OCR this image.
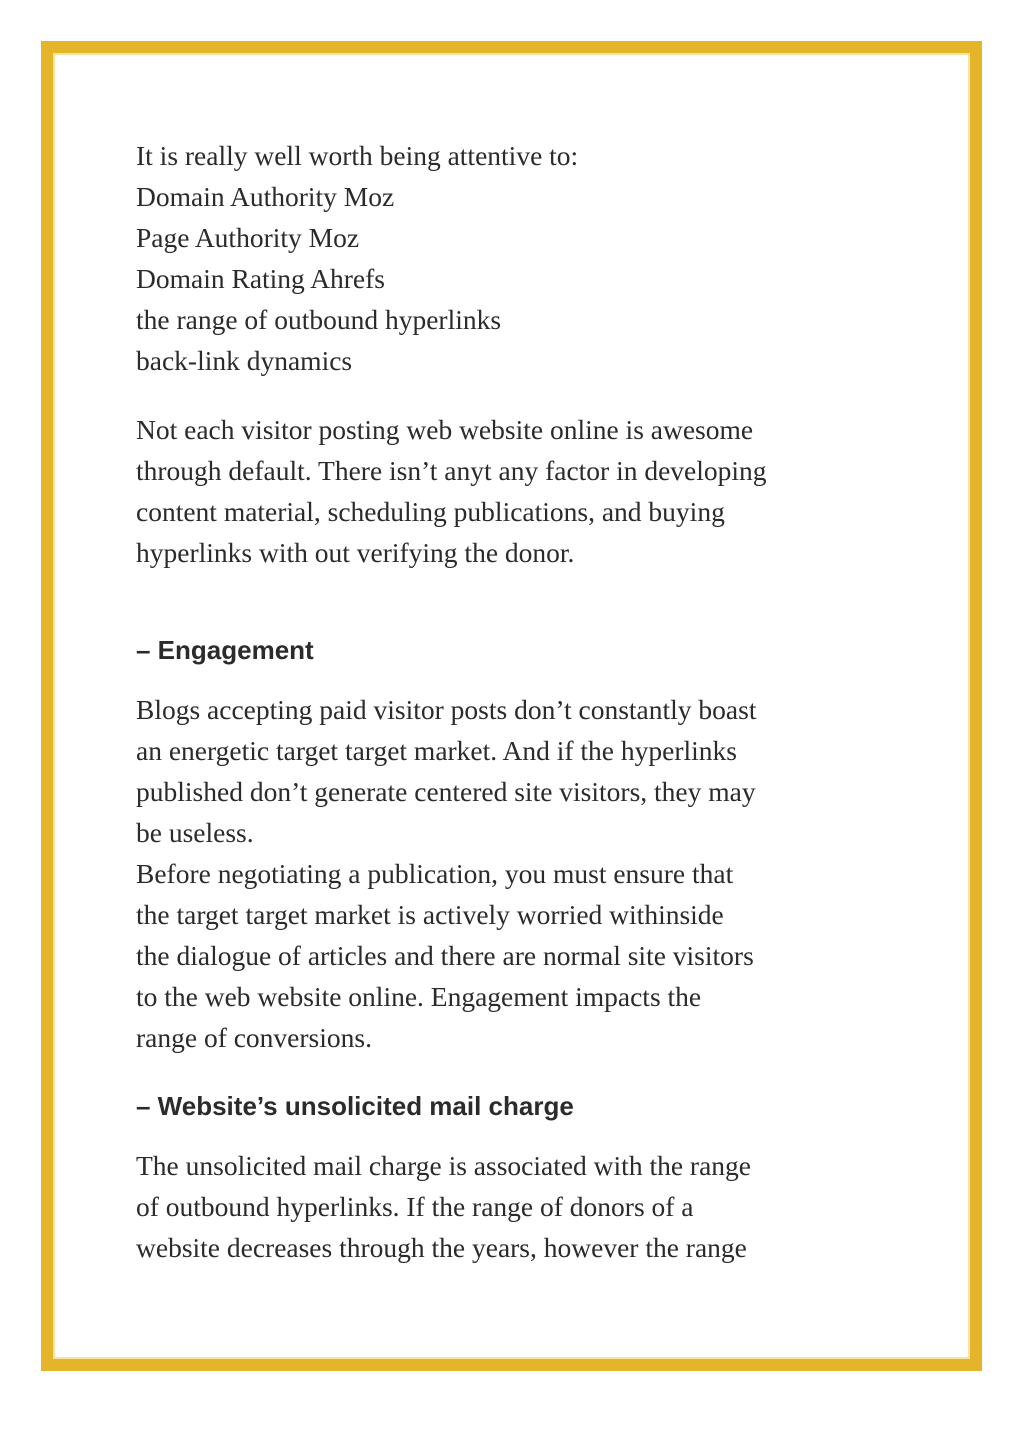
It is really well worth being attentive to:
Domain Authority Moz
Page Authority Moz
Domain Rating Ahrefs
the range of outbound hyperlinks
back-link dynamics
Not each visitor posting web website online is awesome
through default. There isn’t anyt any factor in developing
content material, scheduling publications, and buying
hyperlinks with out verifying the donor.
– Engagement
Blogs accepting paid visitor posts don’t constantly boast
an energetic target target market. And if the hyperlinks
published don’t generate centered site visitors, they may
be useless.
Before negotiating a publication, you must ensure that
the target target market is actively worried withinside
the dialogue of articles and there are normal site visitors
to the web website online. Engagement impacts the
range of conversions.
– Website’s unsolicited mail charge
The unsolicited mail charge is associated with the range
of outbound hyperlinks. If the range of donors of a
website decreases through the years, however the range
